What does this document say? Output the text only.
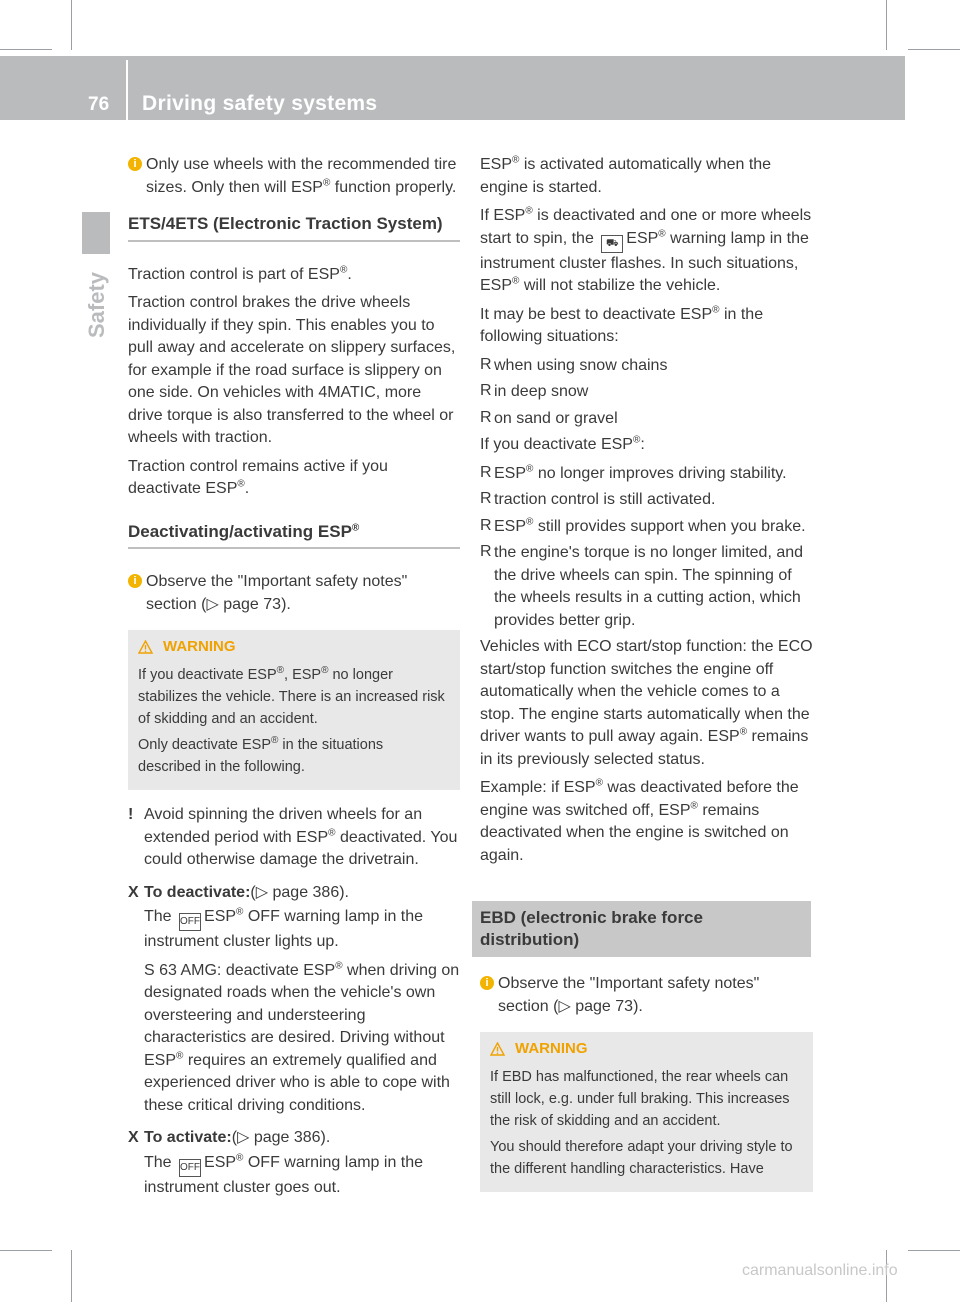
76 Driving safety systems
Safety
i Only use wheels with the recommended tire sizes. Only then will ESP® function properly.
ETS/4ETS (Electronic Traction System)

Traction control is part of ESP®.

Traction control brakes the drive wheels individually if they spin. This enables you to pull away and accelerate on slippery surfaces, for example if the road surface is slippery on one side. On vehicles with 4MATIC, more drive torque is also transferred to the wheel or wheels with traction.

Traction control remains active if you deactivate ESP®.

Deactivating/activating ESP®
i Observe the "Important safety notes" section (▷ page 73).
WARNING

If you deactivate ESP®, ESP® no longer stabilizes the vehicle. There is an increased risk of skidding and an accident.

Only deactivate ESP® in the situations described in the following.

! Avoid spinning the driven wheels for an extended period with ESP® deactivated. You could otherwise damage the drivetrain.
X To deactivate:(▷ page 386).

The OFF ESP® OFF warning lamp in the instrument cluster lights up.

S 63 AMG: deactivate ESP® when driving on designated roads when the vehicle's own oversteering and understeering characteristics are desired. Driving without ESP® requires an extremely qualified and experienced driver who is able to cope with these critical driving conditions.

X To activate:(▷ page 386).

The OFF ESP® OFF warning lamp in the instrument cluster goes out.

ESP® is activated automatically when the engine is started.

If ESP® is deactivated and one or more wheels start to spin, the ⛟ ESP® warning lamp in the instrument cluster flashes. In such situations, ESP® will not stabilize the vehicle.

It may be best to deactivate ESP® in the following situations:

R when using snow chains
R in deep snow
R on sand or gravel

If you deactivate ESP®:

R ESP® no longer improves driving stability.
R traction control is still activated.
R ESP® still provides support when you brake.
R the engine's torque is no longer limited, and the drive wheels can spin. The spinning of the wheels results in a cutting action, which provides better grip.

Vehicles with ECO start/stop function: the ECO start/stop function switches the engine off automatically when the vehicle comes to a stop. The engine starts automatically when the driver wants to pull away again. ESP® remains in its previously selected status.

Example: if ESP® was deactivated before the engine was switched off, ESP® remains deactivated when the engine is switched on again.

EBD (electronic brake force distribution)
i Observe the "Important safety notes" section (▷ page 73).
WARNING

If EBD has malfunctioned, the rear wheels can still lock, e.g. under full braking. This increases the risk of skidding and an accident.

You should therefore adapt your driving style to the different handling characteristics. Have

carmanualsonline.info
